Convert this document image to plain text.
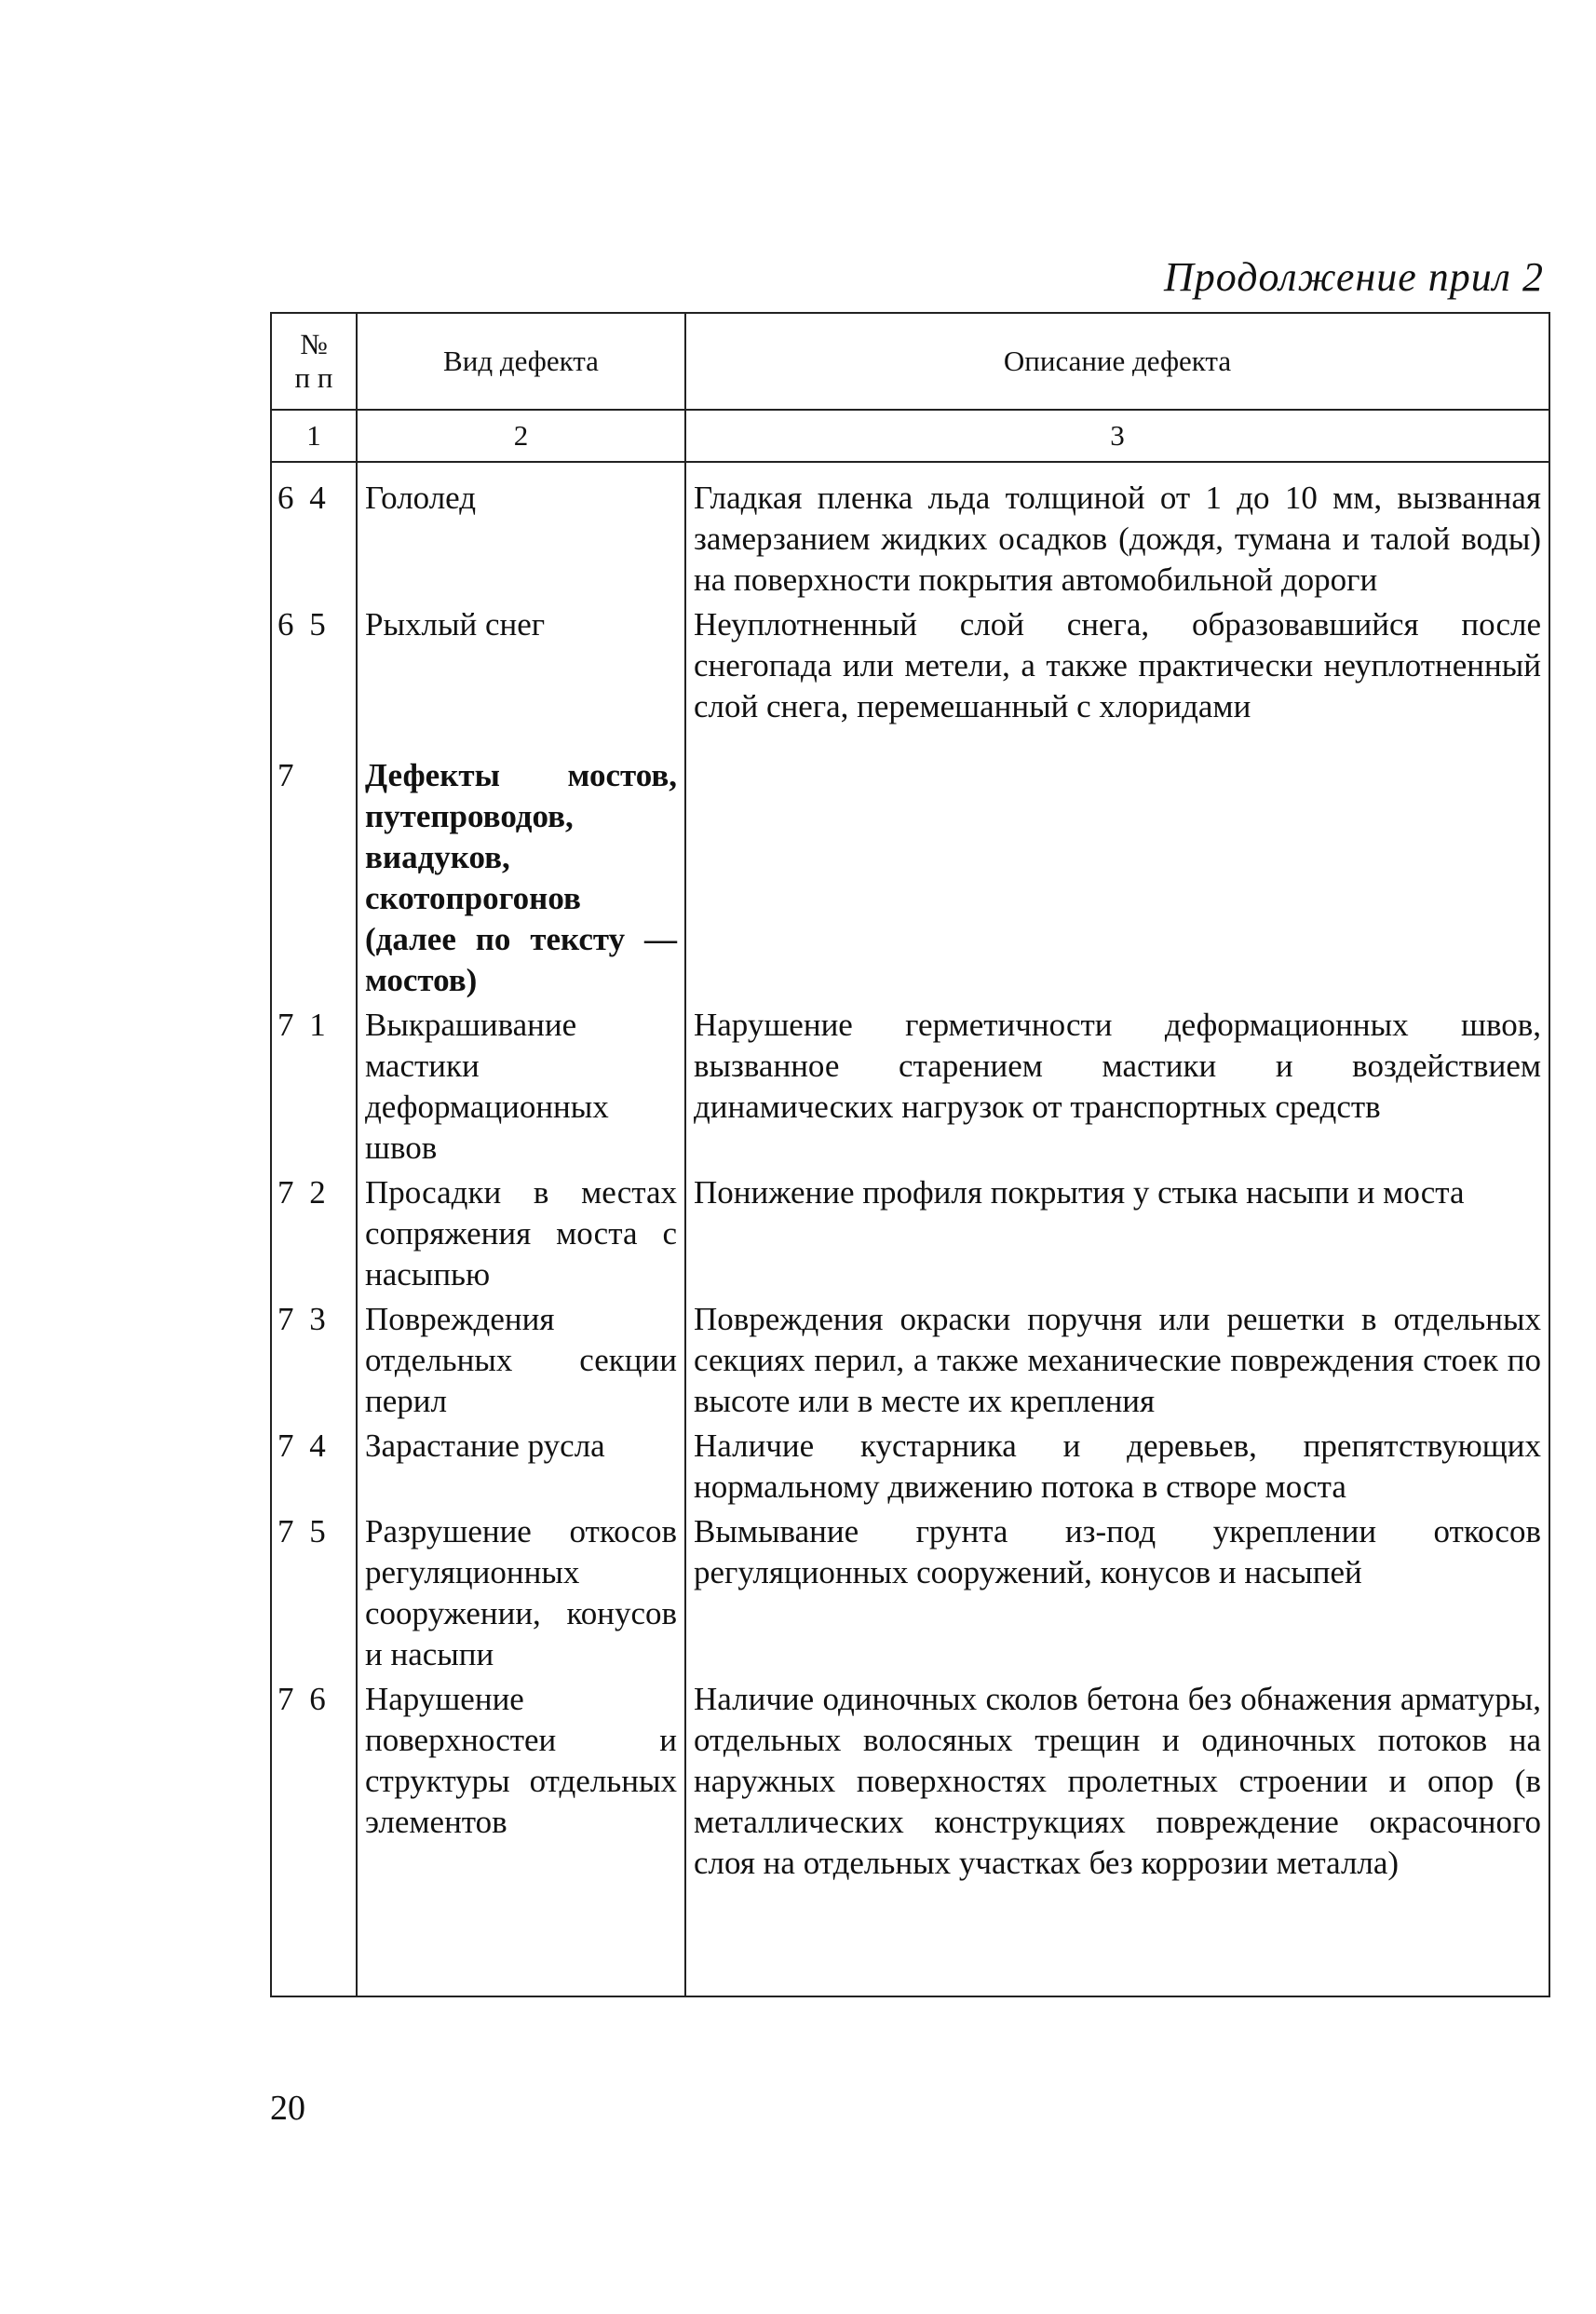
Продолжение прил 2
№
п п	Вид дефекта	Описание дефекта
1	2	3
6 4	Гололед	Гладкая пленка льда толщиной от 1 до 10 мм, вызванная замерзанием жидких осадков (дождя, тумана и талой воды) на поверхности покрытия автомобильной дороги
6 5	Рыхлый снег	Неуплотненный слой снега, образовавшийся после снегопада или метели, а также практически неуплотненный слой снега, перемешанный с хлоридами
7	Дефекты мостов, путепроводов, виадуков, скотопрогонов (далее по тексту — мостов)	
7 1	Выкрашивание мастики деформационных швов	Нарушение герметичности деформационных швов, вызванное старением мастики и воздействием динамических нагрузок от транспортных средств
7 2	Просадки в местах сопряжения моста с насыпью	Понижение профиля покрытия у стыка насыпи и моста
7 3	Повреждения отдельных секции перил	Повреждения окраски поручня или решетки в отдельных секциях перил, а также механические повреждения стоек по высоте или в месте их крепления
7 4	Зарастание русла	Наличие кустарника и деревьев, препятствующих нормальному движению потока в створе моста
7 5	Разрушение откосов регуляционных сооружении, конусов и насыпи	Вымывание грунта из-под укреплении откосов регуляционных сооружений, конусов и насыпей
7 6	Нарушение поверхностеи и структуры отдельных элементов	Наличие одиночных сколов бетона без обнажения арматуры, отдельных волосяных трещин и одиночных потоков на наружных поверхностях пролетных строении и опор (в металлических конструкциях повреждение окрасочного слоя на отдельных участках без коррозии металла)
20
